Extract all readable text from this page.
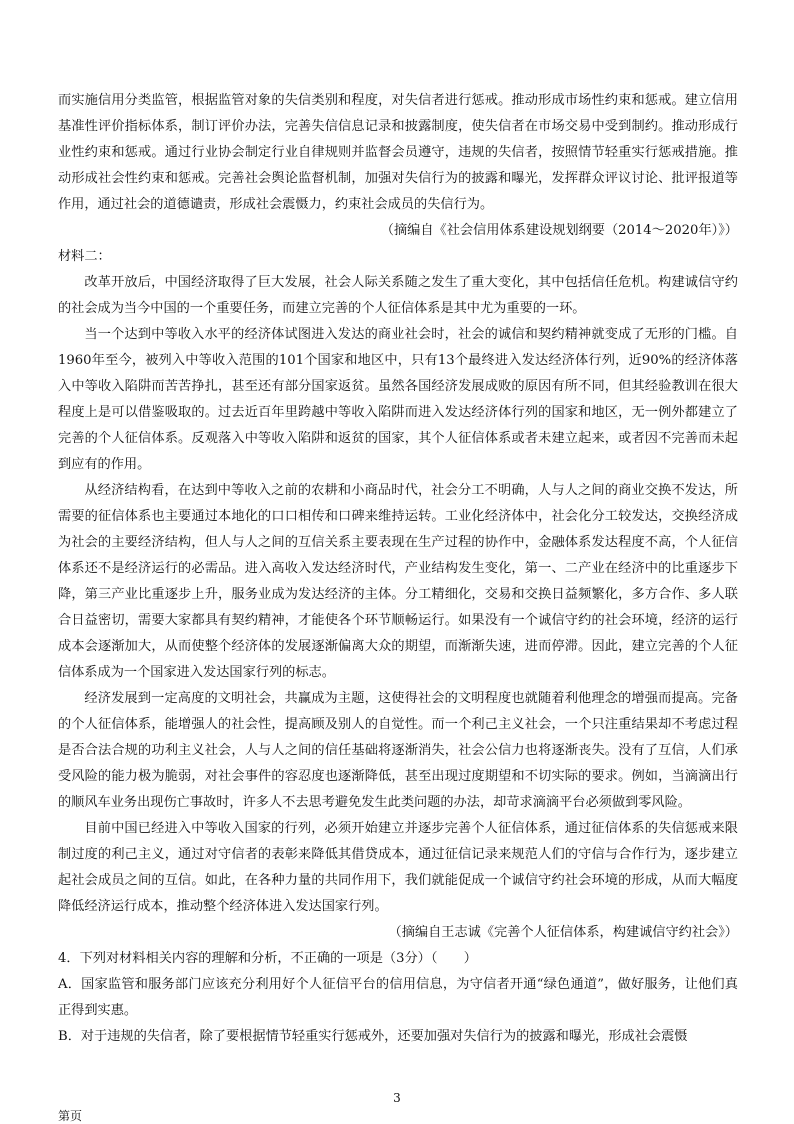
而实施信用分类监管，根据监管对象的失信类别和程度，对失信者进行惩戒。推动形成市场性约束和惩戒。建立信用基准性评价指标体系，制订评价办法，完善失信信息记录和披露制度，使失信者在市场交易中受到制约。推动形成行业性约束和惩戒。通过行业协会制定行业自律规则并监督会员遵守，违规的失信者，按照情节轻重实行惩戒措施。推动形成社会性约束和惩戒。完善社会舆论监督机制，加强对失信行为的披露和曝光，发挥群众评议讨论、批评报道等作用，通过社会的道德谴责，形成社会震慑力，约束社会成员的失信行为。

（摘编自《社会信用体系建设规划纲要（2014～2020年）》）

材料二：

改革开放后，中国经济取得了巨大发展，社会人际关系随之发生了重大变化，其中包括信任危机。构建诚信守约的社会成为当今中国的一个重要任务，而建立完善的个人征信体系是其中尤为重要的一环。

当一个达到中等收入水平的经济体试图进入发达的商业社会时，社会的诚信和契约精神就变成了无形的门槛。自1960年至今，被列入中等收入范围的101个国家和地区中，只有13个最终进入发达经济体行列，近90%的经济体落入中等收入陷阱而苦苦挣扎，甚至还有部分国家返贫。虽然各国经济发展成败的原因有所不同，但其经验教训在很大程度上是可以借鉴吸取的。过去近百年里跨越中等收入陷阱而进入发达经济体行列的国家和地区，无一例外都建立了完善的个人征信体系。反观落入中等收入陷阱和返贫的国家，其个人征信体系或者未建立起来，或者因不完善而未起到应有的作用。

从经济结构看，在达到中等收入之前的农耕和小商品时代，社会分工不明确，人与人之间的商业交换不发达，所需要的征信体系也主要通过本地化的口口相传和口碑来维持运转。工业化经济体中，社会化分工较发达，交换经济成为社会的主要经济结构，但人与人之间的互信关系主要表现在生产过程的协作中，金融体系发达程度不高，个人征信体系还不是经济运行的必需品。进入高收入发达经济时代，产业结构发生变化，第一、二产业在经济中的比重逐步下降，第三产业比重逐步上升，服务业成为发达经济的主体。分工精细化，交易和交换日益频繁化，多方合作、多人联合日益密切，需要大家都具有契约精神，才能使各个环节顺畅运行。如果没有一个诚信守约的社会环境，经济的运行成本会逐渐加大，从而使整个经济体的发展逐渐偏离大众的期望，而渐渐失速，进而停滞。因此，建立完善的个人征信体系成为一个国家进入发达国家行列的标志。

经济发展到一定高度的文明社会，共赢成为主题，这使得社会的文明程度也就随着利他理念的增强而提高。完备的个人征信体系，能增强人的社会性，提高顾及别人的自觉性。而一个利己主义社会，一个只注重结果却不考虑过程是否合法合规的功利主义社会，人与人之间的信任基础将逐渐消失，社会公信力也将逐渐丧失。没有了互信，人们承受风险的能力极为脆弱，对社会事件的容忍度也逐渐降低，甚至出现过度期望和不切实际的要求。例如，当滴滴出行的顺风车业务出现伤亡事故时，许多人不去思考避免发生此类问题的办法，却苛求滴滴平台必须做到零风险。

目前中国已经进入中等收入国家的行列，必须开始建立并逐步完善个人征信体系，通过征信体系的失信惩戒来限制过度的利己主义，通过对守信者的表彰来降低其借贷成本，通过征信记录来规范人们的守信与合作行为，逐步建立起社会成员之间的互信。如此，在各种力量的共同作用下，我们就能促成一个诚信守约社会环境的形成，从而大幅度降低经济运行成本，推动整个经济体进入发达国家行列。

（摘编自王志诚《完善个人征信体系，构建诚信守约社会》）

4．下列对材料相关内容的理解和分析，不正确的一项是（3分）（　　）

A．国家监管和服务部门应该充分利用好个人征信平台的信用信息，为守信者开通“绿色通道”，做好服务，让他们真正得到实惠。

B．对于违规的失信者，除了要根据情节轻重实行惩戒外，还要加强对失信行为的披露和曝光，形成社会震慑

3
第页
